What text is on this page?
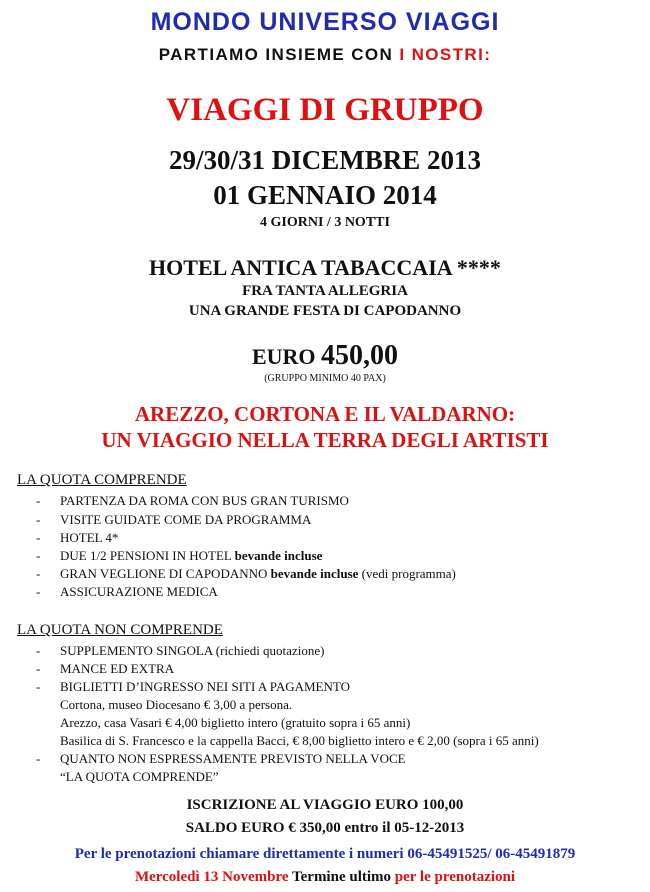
MONDO UNIVERSO VIAGGI
PARTIAMO INSIEME CON I NOSTRI:
VIAGGI DI GRUPPO
29/30/31 DICEMBRE 2013
01 GENNAIO 2014
4 GIORNI / 3 NOTTI
HOTEL ANTICA TABACCAIA ****
FRA TANTA ALLEGRIA
UNA GRANDE FESTA DI CAPODANNO
EURO 450,00
(GRUPPO MINIMO 40 PAX)
AREZZO, CORTONA E IL VALDARNO:
UN VIAGGIO NELLA TERRA DEGLI ARTISTI
LA QUOTA COMPRENDE
- PARTENZA DA ROMA CON BUS GRAN TURISMO
- VISITE GUIDATE COME DA PROGRAMMA
- HOTEL 4*
- DUE 1/2 PENSIONI IN HOTEL bevande incluse
- GRAN VEGLIONE DI CAPODANNO bevande incluse (vedi programma)
- ASSICURAZIONE MEDICA
LA QUOTA NON COMPRENDE
- SUPPLEMENTO SINGOLA (richiedi quotazione)
- MANCE ED EXTRA
- BIGLIETTI D’INGRESSO NEI SITI A PAGAMENTO
Cortona, museo Diocesano € 3,00 a persona.
Arezzo, casa Vasari € 4,00 biglietto intero (gratuito sopra i 65 anni)
Basilica di S. Francesco e la cappella Bacci, € 8,00 biglietto intero e € 2,00 (sopra i 65 anni)
- QUANTO NON ESPRESSAMENTE PREVISTO NELLA VOCE
“LA QUOTA COMPRENDE”
ISCRIZIONE AL VIAGGIO EURO 100,00
SALDO EURO € 350,00 entro il 05-12-2013
Per le prenotazioni chiamare direttamente i numeri 06-45491525/ 06-45491879
Mercoledì 13 Novembre Termine ultimo per le prenotazioni
